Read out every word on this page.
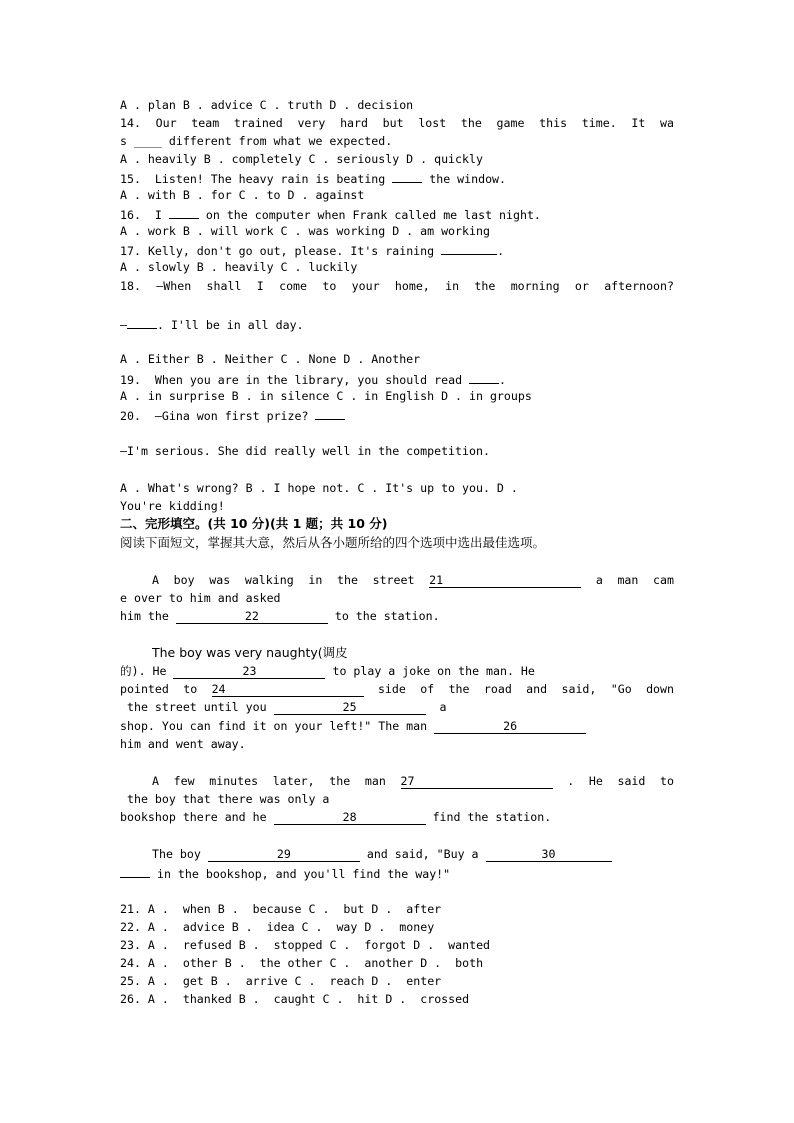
A . plan B . advice C . truth D . decision
14. Our team trained very hard but lost the game this time. It wa
s ____ different from what we expected.
A . heavily B . completely C . seriously D . quickly
15. Listen! The heavy rain is beating	the window.
A . with B . for C . to D . against
16. I	on the computer when Frank called me last night.
A . work B . will work C . was working D . am working
17. Kelly, don't go out, please. It's raining	.
A . slowly B . heavily C . luckily
18. —When shall I come to your home, in the morning or afternoon?
—	. I'll be in all day.
A . Either B . Neither C . None D . Another
19. When you are in the library, you should read	.
A . in surprise B . in silence C . in English D . in groups
20. —Gina won first prize?
—I'm serious. She did really well in the competition.
A . What's wrong? B . I hope not. C . It's up to you. D .
You're kidding!
二、完形填空。(共 10 分)(共 1 题；共 10 分)
阅读下面短文，掌握其大意，然后从各小题所给的四个选项中选出最佳选项。
A boy was walking in the street 21	a man cam
e over to him and asked
him the	22	to the station.
The boy was very naughty(调皮
的). He	23	to play a joke on the man. He
pointed to 24	side of the road and said, "Go down
the street until you	25	a
shop. You can find it on your left!" The man	26
him and went away.
A few minutes later, the man 27	. He said to
the boy that there was only a
bookshop there and he	28	find the station.
The boy	29	and said, "Buy a	30
in the bookshop, and you'll find the way!"
21. A .  when B .  because C .  but D .  after
22. A .  advice B .  idea C .  way D .  money
23. A .  refused B .  stopped C .  forgot D .  wanted
24. A .  other B .  the other C .  another D .  both
25. A .  get B .  arrive C .  reach D .  enter
26. A .  thanked B .  caught C .  hit D .  crossed
